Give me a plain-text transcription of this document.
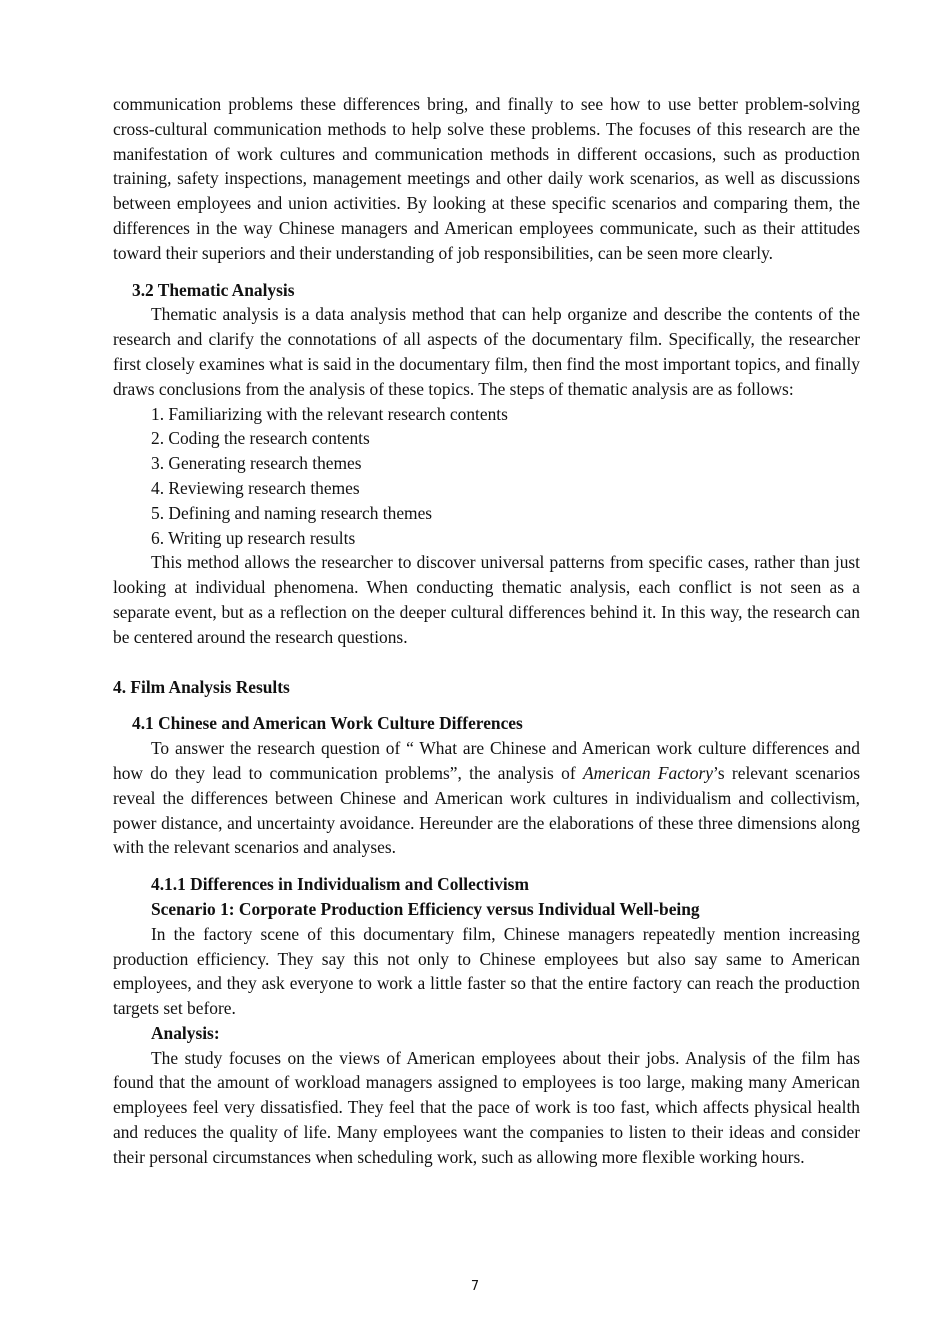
communication problems these differences bring, and finally to see how to use better problem-solving cross-cultural communication methods to help solve these problems. The focuses of this research are the manifestation of work cultures and communication methods in different occasions, such as production training, safety inspections, management meetings and other daily work scenarios, as well as discussions between employees and union activities. By looking at these specific scenarios and comparing them, the differences in the way Chinese managers and American employees communicate, such as their attitudes toward their superiors and their understanding of job responsibilities, can be seen more clearly.

3.2 Thematic Analysis

Thematic analysis is a data analysis method that can help organize and describe the contents of the research and clarify the connotations of all aspects of the documentary film. Specifically, the researcher first closely examines what is said in the documentary film, then find the most important topics, and finally draws conclusions from the analysis of these topics. The steps of thematic analysis are as follows:

1. Familiarizing with the relevant research contents

2. Coding the research contents

3. Generating research themes

4. Reviewing research themes

5. Defining and naming research themes

6. Writing up research results

This method allows the researcher to discover universal patterns from specific cases, rather than just looking at individual phenomena. When conducting thematic analysis, each conflict is not seen as a separate event, but as a reflection on the deeper cultural differences behind it. In this way, the research can be centered around the research questions.

4. Film Analysis Results
4.1 Chinese and American Work Culture Differences

To answer the research question of “ What are Chinese and American work culture differences and how do they lead to communication problems”, the analysis of American Factory’s relevant scenarios reveal the differences between Chinese and American work cultures in individualism and collectivism, power distance, and uncertainty avoidance. Hereunder are the elaborations of these three dimensions along with the relevant scenarios and analyses.

4.1.1 Differences in Individualism and Collectivism
Scenario 1: Corporate Production Efficiency versus Individual Well-being

In the factory scene of this documentary film, Chinese managers repeatedly mention increasing production efficiency. They say this not only to Chinese employees but also say same to American employees, and they ask everyone to work a little faster so that the entire factory can reach the production targets set before.

Analysis:

The study focuses on the views of American employees about their jobs. Analysis of the film has found that the amount of workload managers assigned to employees is too large, making many American employees feel very dissatisfied. They feel that the pace of work is too fast, which affects physical health and reduces the quality of life. Many employees want the companies to listen to their ideas and consider their personal circumstances when scheduling work, such as allowing more flexible working hours.

7
